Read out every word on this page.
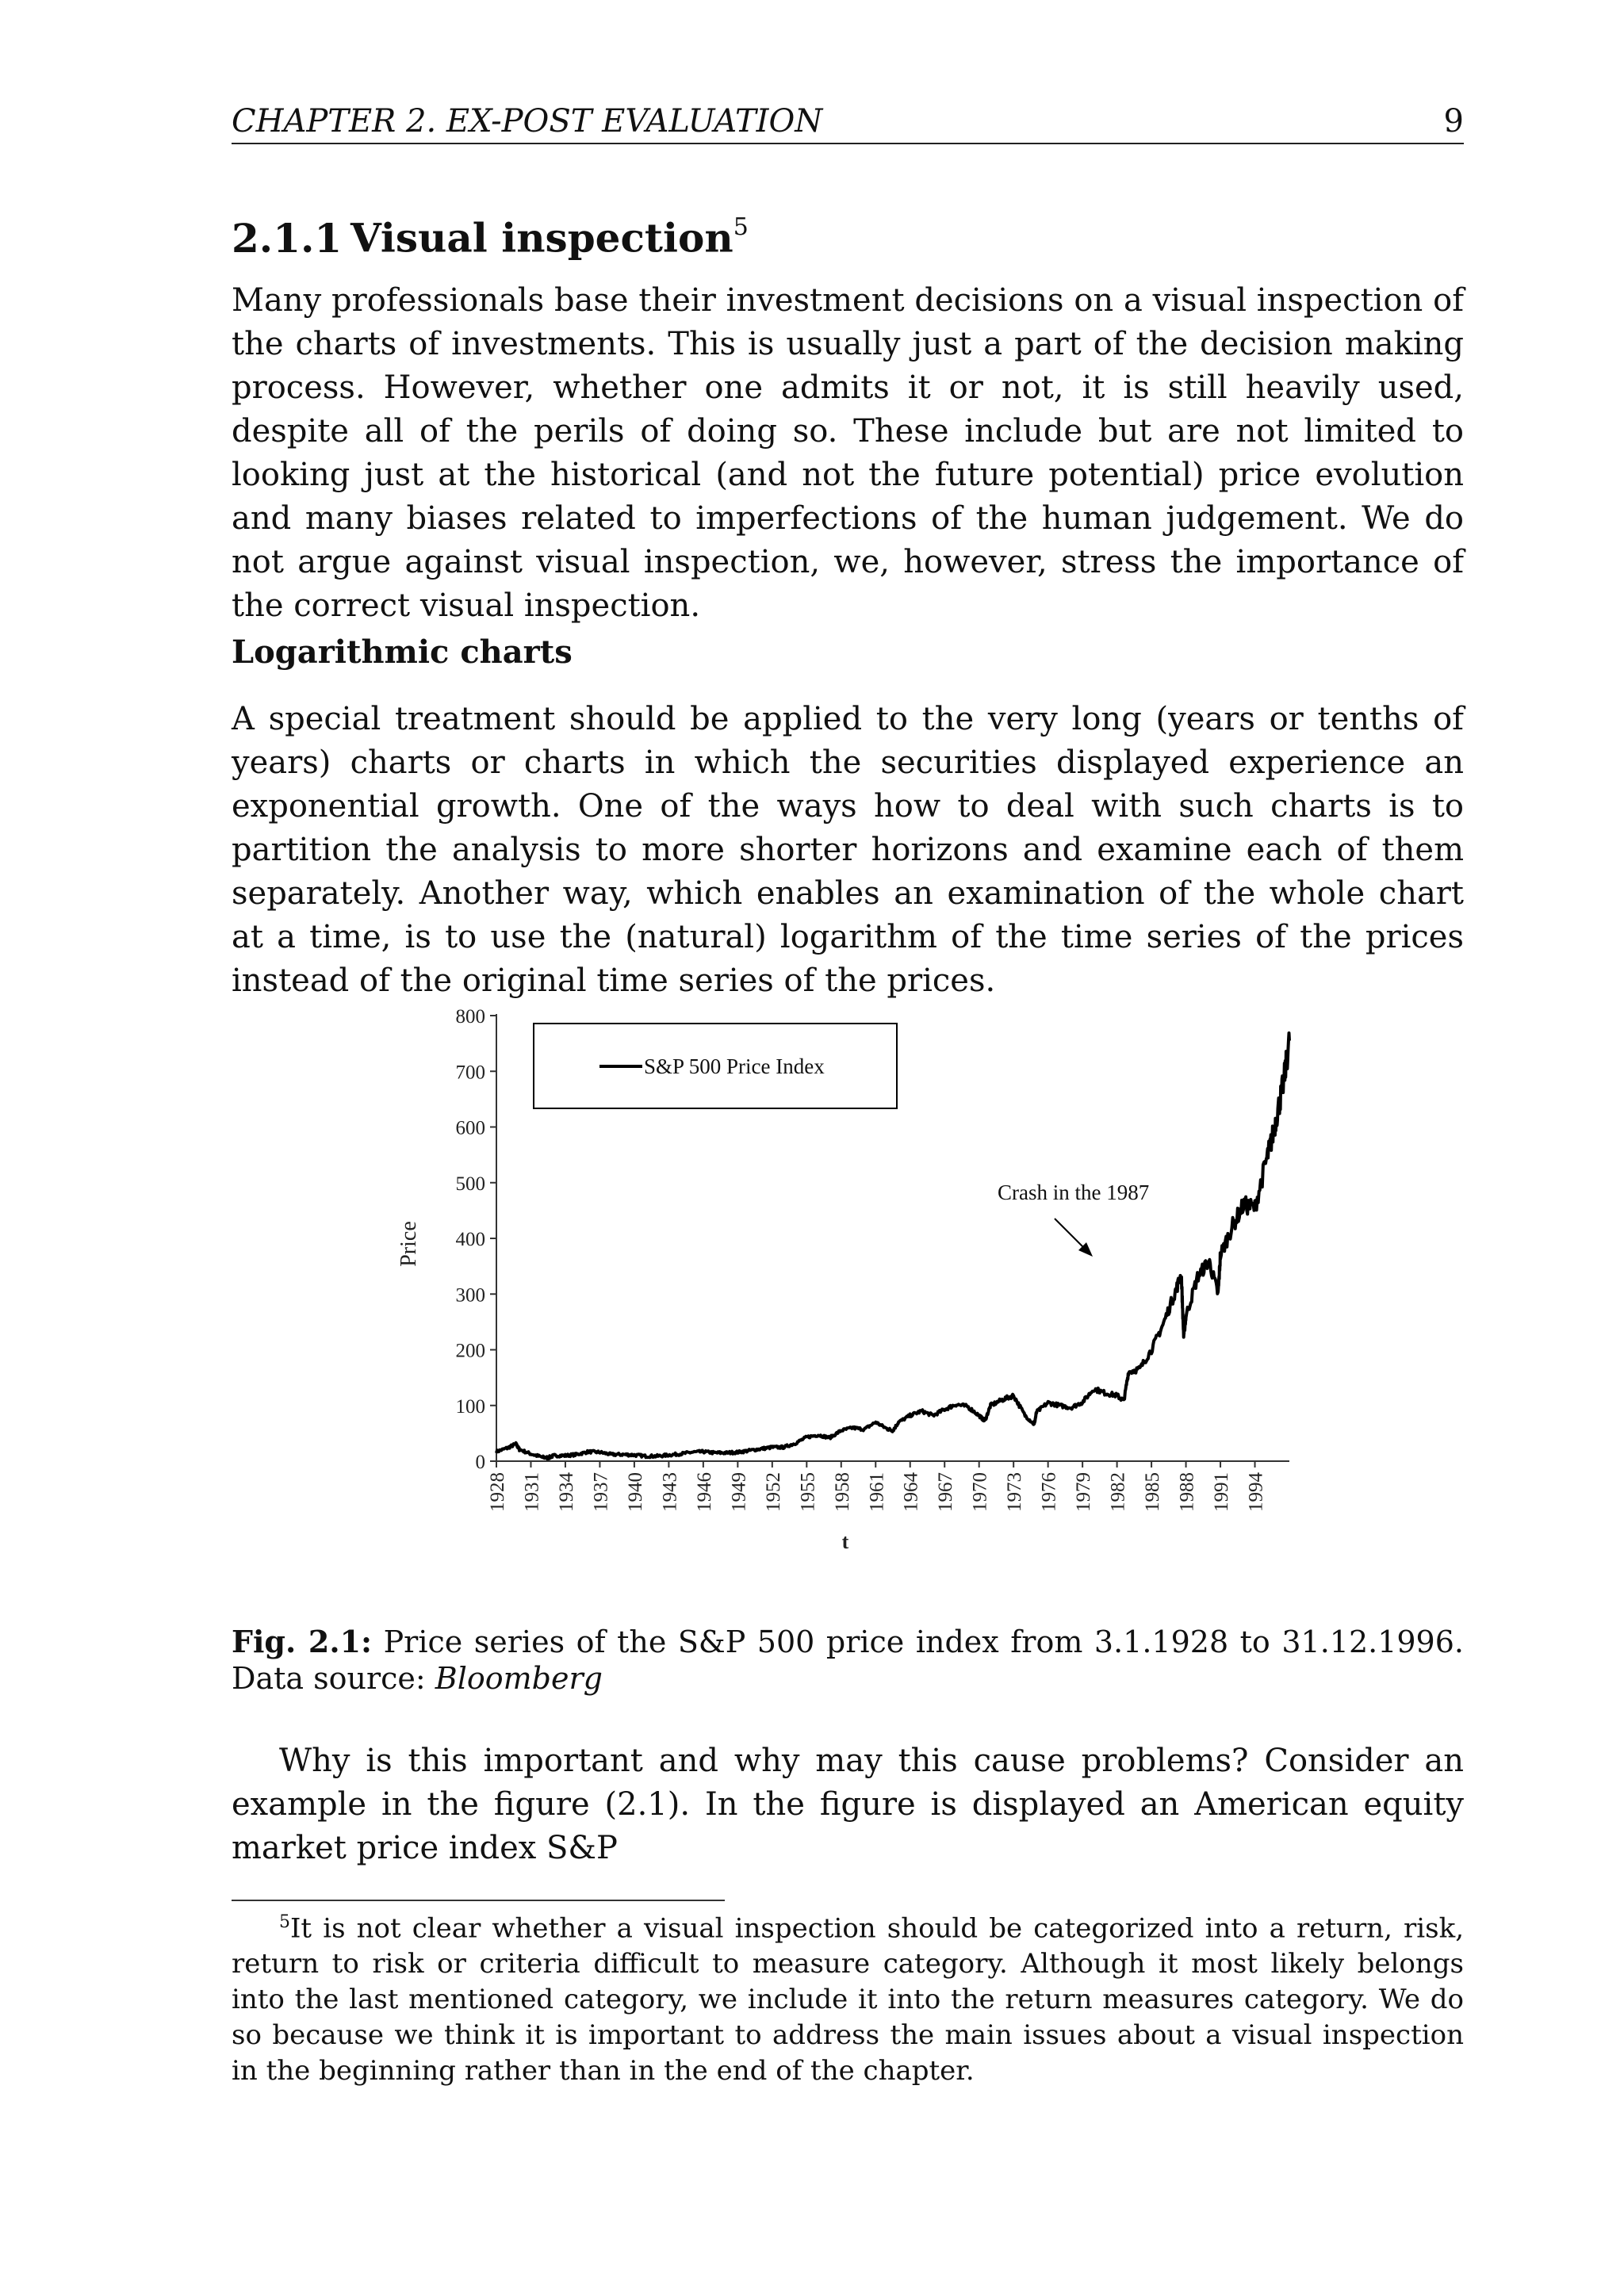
CHAPTER 2. EX-POST EVALUATION	9
2.1.1 Visual inspection$^5$

Many professionals base their investment decisions on a visual inspection of the charts of investments. This is usually just a part of the decision making process. However, whether one admits it or not, it is still heavily used, despite all of the perils of doing so. These include but are not limited to looking just at the historical (and not the future potential) price evolution and many biases related to imperfections of the human judgement. We do not argue against visual inspection, we, however, stress the importance of the correct visual inspection.

Logarithmic charts

A special treatment should be applied to the very long (years or tenths of years) charts or charts in which the securities displayed experience an exponential growth. One of the ways how to deal with such charts is to partition the analysis to more shorter horizons and examine each of them separately. Another way, which enables an examination of the whole chart at a time, is to use the (natural) logarithm of the time series of the prices instead of the original time series of the prices.

0
100
200
300
400
500
600
700
800
1928 1931 1934 1937 1940 1943 1946 1949 1952 1955 1958 1961 1964 1967 1970 1973 1976 1979 1982 1985 1988 1991 1994
S&P 500 Price Index
Crash in the 1987
Price
t

Fig. 2.1: Price series of the S&P 500 price index from 3.1.1928 to 31.12.1996. Data source: Bloomberg

Why is this important and why may this cause problems? Consider an example in the figure (2.1). In the figure is displayed an American equity market price index S&P

$^5$It is not clear whether a visual inspection should be categorized into a return, risk, return to risk or criteria difficult to measure category. Although it most likely belongs into the last mentioned category, we include it into the return measures category. We do so because we think it is important to address the main issues about a visual inspection in the beginning rather than in the end of the chapter.
